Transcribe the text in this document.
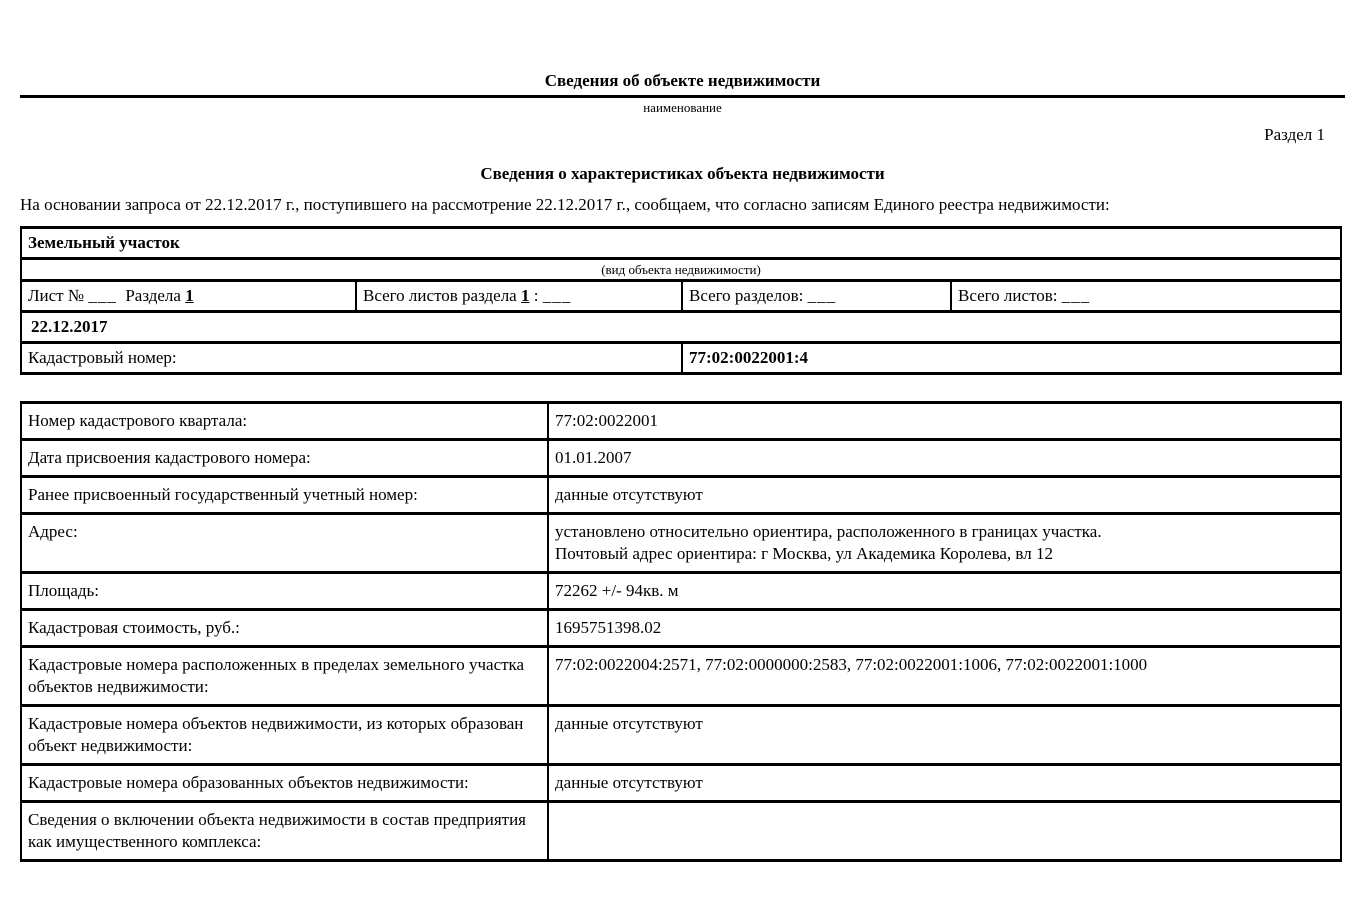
Сведения об объекте недвижимости
наименование
Раздел 1
Сведения о характеристиках объекта недвижимости
На основании запроса от 22.12.2017 г., поступившего на рассмотрение 22.12.2017 г., сообщаем, что согласно записям Единого реестра недвижимости:
Земельный участок			
(вид объекта недвижимости)			
Лист № ___ Раздела 1	Всего листов раздела 1 : ___	Всего разделов: ___	Всего листов: ___
22.12.2017			
Кадастровый номер:		77:02:0022001:4	
Номер кадастрового квартала:	77:02:0022001

Дата присвоения кадастрового номера:	01.01.2007

Ранее присвоенный государственный учетный номер:	данные отсутствуют

Адрес:	установлено относительно ориентира, расположенного в границах участка.
Почтовый адрес ориентира: г Москва, ул Академика Королева, вл 12

Площадь:	72262 +/- 94кв. м

Кадастровая стоимость, руб.:	1695751398.02

Кадастровые номера расположенных в пределах земельного участка объектов недвижимости:	77:02:0022004:2571, 77:02:0000000:2583, 77:02:0022001:1006, 77:02:0022001:1000

Кадастровые номера объектов недвижимости, из которых образован объект недвижимости:	данные отсутствуют

Кадастровые номера образованных объектов недвижимости:	данные отсутствуют

Сведения о включении объекта недвижимости в состав предприятия как имущественного комплекса:	
